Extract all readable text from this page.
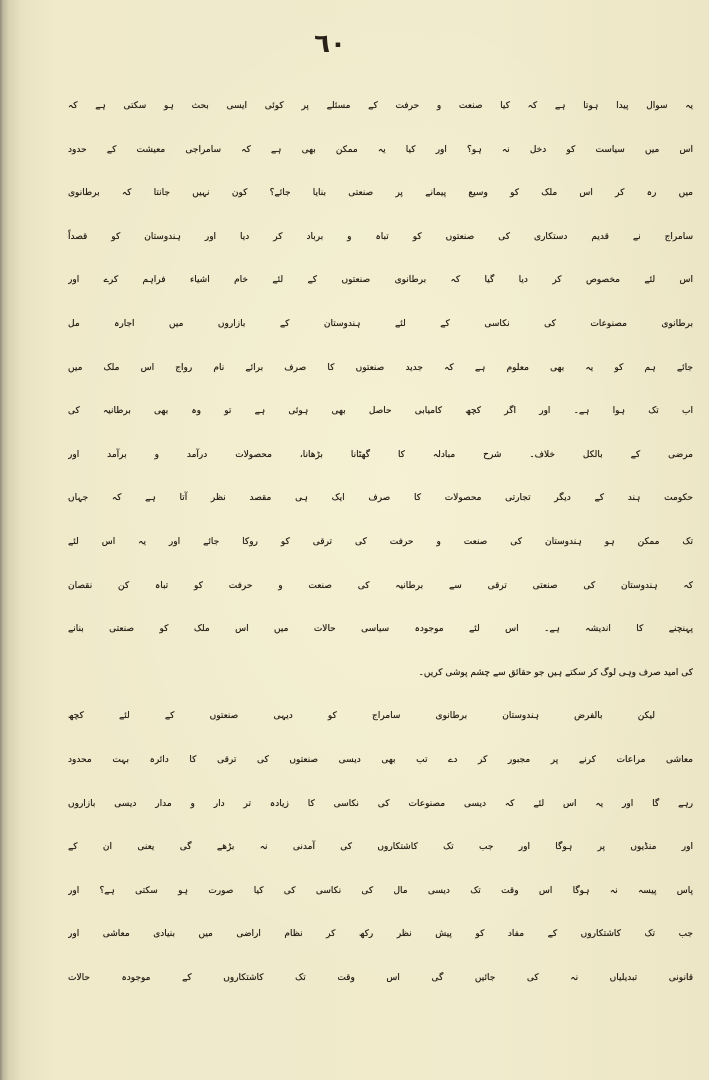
٦٠
یہ سوال پیدا ہوتا ہے کہ کیا صنعت و حرفت کے مسئلے پر کوئی ایسی بحث ہو سکتی ہے کہ
اس میں سیاست کو دخل نہ ہو؟ اور کیا یہ ممکن بھی ہے کہ سامراجی معیشت کے حدود
میں رہ کر اس ملک کو وسیع پیمانے پر صنعتی بنایا جائے؟ کون نہیں جانتا کہ برطانوی
سامراج نے قدیم دستکاری کی صنعتوں کو تباہ و برباد کر دیا اور ہندوستان کو قصداً
اس لئے مخصوص کر دیا گیا کہ برطانوی صنعتوں کے لئے خام اشیاء فراہم کرے اور
برطانوی مصنوعات کی نکاسی کے لئے ہندوستان کے بازاروں میں اجارہ مل
جائے ہم کو یہ بھی معلوم ہے کہ جدید صنعتوں کا صرف برائے نام رواج اس ملک میں
اب تک ہوا ہے۔ اور اگر کچھ کامیابی حاصل بھی ہوئی ہے تو وہ بھی برطانیہ کی
مرضی کے بالکل خلاف۔ شرح مبادلہ کا گھٹانا بڑھانا، محصولات درآمد و برآمد اور
حکومت ہند کے دیگر تجارتی محصولات کا صرف ایک ہی مقصد نظر آتا ہے کہ جہاں
تک ممکن ہو ہندوستان کی صنعت و حرفت کی ترقی کو روکا جائے اور یہ اس لئے
کہ ہندوستان کی صنعتی ترقی سے برطانیہ کی صنعت و حرفت کو تباہ کن نقصان
پہنچنے کا اندیشہ ہے۔ اس لئے موجودہ سیاسی حالات میں اس ملک کو صنعتی بنانے
کی امید صرف وہی لوگ کر سکتے ہیں جو حقائق سے چشم پوشی کریں۔
لیکن بالفرض ہندوستان برطانوی سامراج کو دیہی صنعتوں کے لئے کچھ
معاشی مراعات کرنے پر مجبور کر دے تب بھی دیسی صنعتوں کی ترقی کا دائرہ بہت محدود
رہے گا اور یہ اس لئے کہ دیسی مصنوعات کی نکاسی کا زیادہ تر دار و مدار دیسی بازاروں
اور منڈیوں پر ہوگا اور جب تک کاشتکاروں کی آمدنی نہ بڑھے گی یعنی ان کے
پاس پیسہ نہ ہوگا اس وقت تک دیسی مال کی نکاسی کی کیا صورت ہو سکتی ہے؟ اور
جب تک کاشتکاروں کے مفاد کو پیش نظر رکھ کر نظام اراضی میں بنیادی معاشی اور
قانونی تبدیلیاں نہ کی جائیں گی اس وقت تک کاشتکاروں کے موجودہ حالات
